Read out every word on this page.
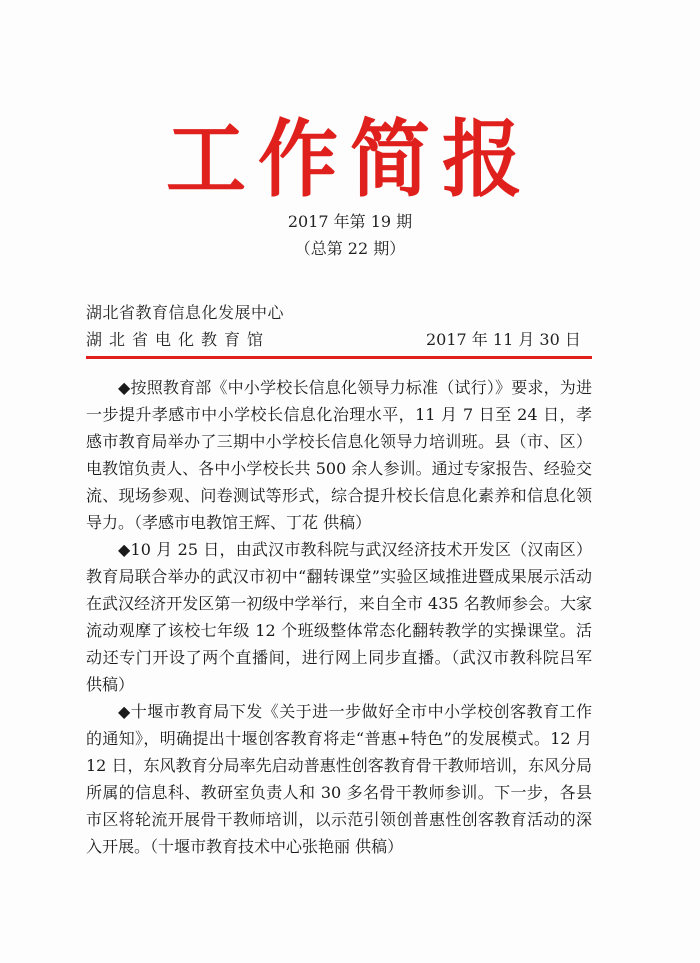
工作简报
2017 年第 19 期
（总第 22 期）
湖北省教育信息化发展中心
湖北省电化教育馆	2017 年 11 月 30 日

◆按照教育部《中小学校长信息化领导力标准（试行）》要求，为进一步提升孝感市中小学校长信息化治理水平，11 月 7 日至 24 日，孝感市教育局举办了三期中小学校长信息化领导力培训班。县（市、区）电教馆负责人、各中小学校长共 500 余人参训。通过专家报告、经验交流、现场参观、问卷测试等形式，综合提升校长信息化素养和信息化领导力。（孝感市电教馆王辉、丁花 供稿）

◆10 月 25 日，由武汉市教科院与武汉经济技术开发区（汉南区）教育局联合举办的武汉市初中“翻转课堂”实验区域推进暨成果展示活动在武汉经济开发区第一初级中学举行，来自全市 435 名教师参会。大家流动观摩了该校七年级 12 个班级整体常态化翻转教学的实操课堂。活动还专门开设了两个直播间，进行网上同步直播。（武汉市教科院吕军 供稿）

◆十堰市教育局下发《关于进一步做好全市中小学校创客教育工作的通知》，明确提出十堰创客教育将走“普惠+特色”的发展模式。12 月 12 日，东风教育分局率先启动普惠性创客教育骨干教师培训，东风分局所属的信息科、教研室负责人和 30 多名骨干教师参训。下一步，各县市区将轮流开展骨干教师培训，以示范引领创普惠性创客教育活动的深入开展。（十堰市教育技术中心张艳丽 供稿）
